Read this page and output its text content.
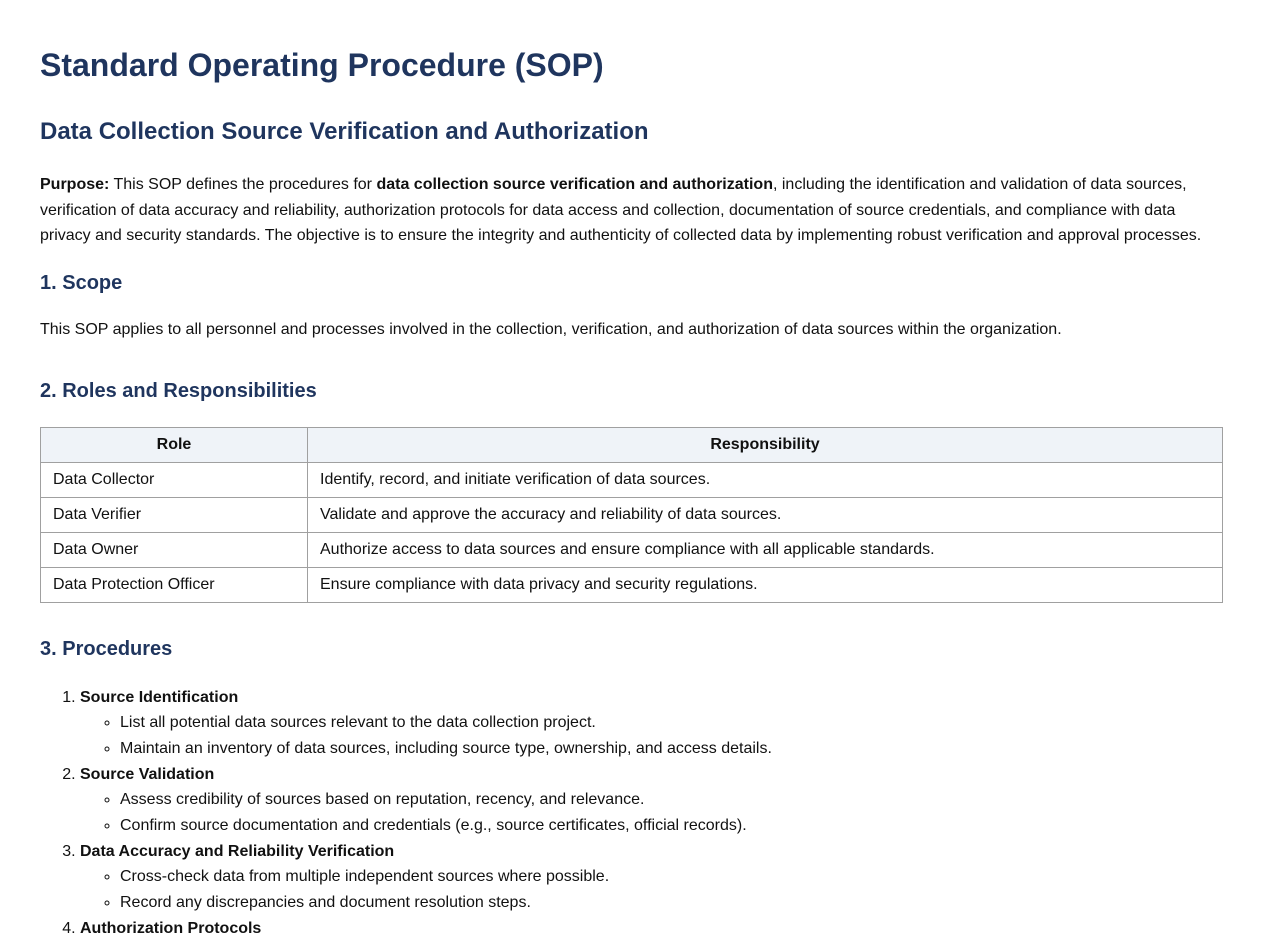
Standard Operating Procedure (SOP)
Data Collection Source Verification and Authorization

Purpose: This SOP defines the procedures for data collection source verification and authorization, including the identification and validation of data sources, verification of data accuracy and reliability, authorization protocols for data access and collection, documentation of source credentials, and compliance with data privacy and security standards. The objective is to ensure the integrity and authenticity of collected data by implementing robust verification and approval processes.

1. Scope

This SOP applies to all personnel and processes involved in the collection, verification, and authorization of data sources within the organization.

2. Roles and Responsibilities
Role	Responsibility
Data Collector	Identify, record, and initiate verification of data sources.
Data Verifier	Validate and approve the accuracy and reliability of data sources.
Data Owner	Authorize access to data sources and ensure compliance with all applicable standards.
Data Protection Officer	Ensure compliance with data privacy and security regulations.
3. Procedures
1. Source Identification
◦ List all potential data sources relevant to the data collection project.
◦ Maintain an inventory of data sources, including source type, ownership, and access details.
2. Source Validation
◦ Assess credibility of sources based on reputation, recency, and relevance.
◦ Confirm source documentation and credentials (e.g., source certificates, official records).
3. Data Accuracy and Reliability Verification
◦ Cross-check data from multiple independent sources where possible.
◦ Record any discrepancies and document resolution steps.
4. Authorization Protocols
